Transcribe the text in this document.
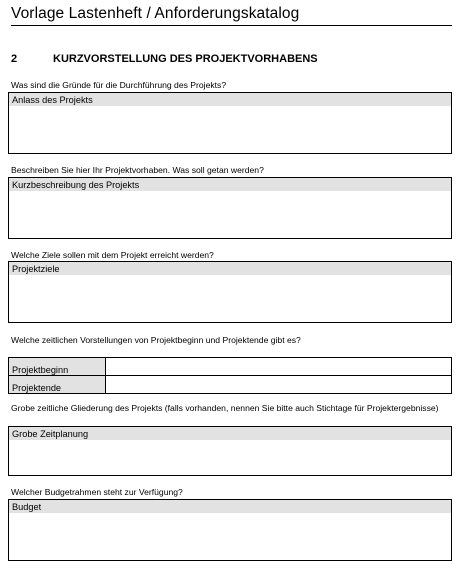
Vorlage Lastenheft / Anforderungskatalog
2	KURZVORSTELLUNG DES PROJEKTVORHABENS
Was sind die Gründe für die Durchführung des Projekts?
Anlass des Projekts
Beschreiben Sie hier Ihr Projektvorhaben. Was soll getan werden?
Kurzbeschreibung des Projekts
Welche Ziele sollen mit dem Projekt erreicht werden?
Projektziele
Welche zeitlichen Vorstellungen von Projektbeginn und Projektende gibt es?
Projektbeginn	
Projektende	
Grobe zeitliche Gliederung des Projekts (falls vorhanden, nennen Sie bitte auch Stichtage für Projektergebnisse)
Grobe Zeitplanung
Welcher Budgetrahmen steht zur Verfügung?
Budget
